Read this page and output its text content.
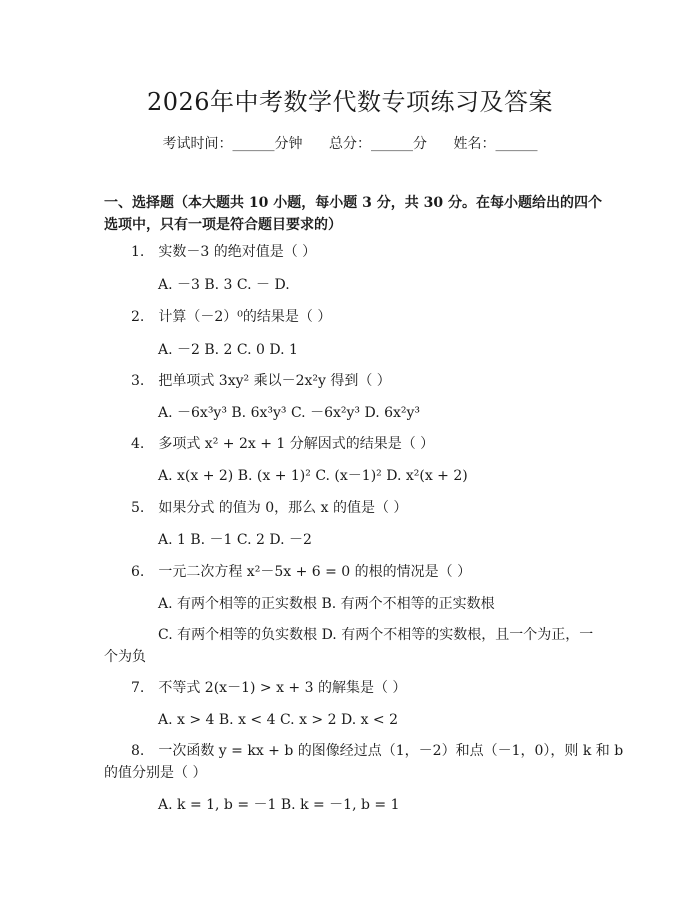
2026年中考数学代数专项练习及答案
考试时间：______分钟 总分：______分 姓名：______
一、选择题（本大题共 10 小题，每小题 3 分，共 30 分。在每小题给出的四个选项中，只有一项是符合题目要求的）
1.　实数－3 的绝对值是（ ）
A. －3 B. 3 C. － D.
2.　计算（－2）⁰的结果是（ ）
A. －2 B. 2 C. 0 D. 1
3.　把单项式 3xy² 乘以－2x²y 得到（ ）
A. －6x³y³ B. 6x³y³ C. －6x²y³ D. 6x²y³
4.　多项式 x² + 2x + 1 分解因式的结果是（ ）
A. x(x + 2) B. (x + 1)² C. (x－1)² D. x²(x + 2)
5.　如果分式 的值为 0，那么 x 的值是（ ）
A. 1 B. －1 C. 2 D. －2
6.　一元二次方程 x²－5x + 6 = 0 的根的情况是（ ）
A. 有两个相等的正实数根 B. 有两个不相等的正实数根
C. 有两个相等的负实数根 D. 有两个不相等的实数根，且一个为正，一
个为负
7.　不等式 2(x－1) > x + 3 的解集是（ ）
A. x > 4 B. x < 4 C. x > 2 D. x < 2
8.　一次函数 y = kx + b 的图像经过点（1，－2）和点（－1，0），则 k 和 b
的值分别是（ ）
A. k = 1, b = －1 B. k = －1, b = 1
